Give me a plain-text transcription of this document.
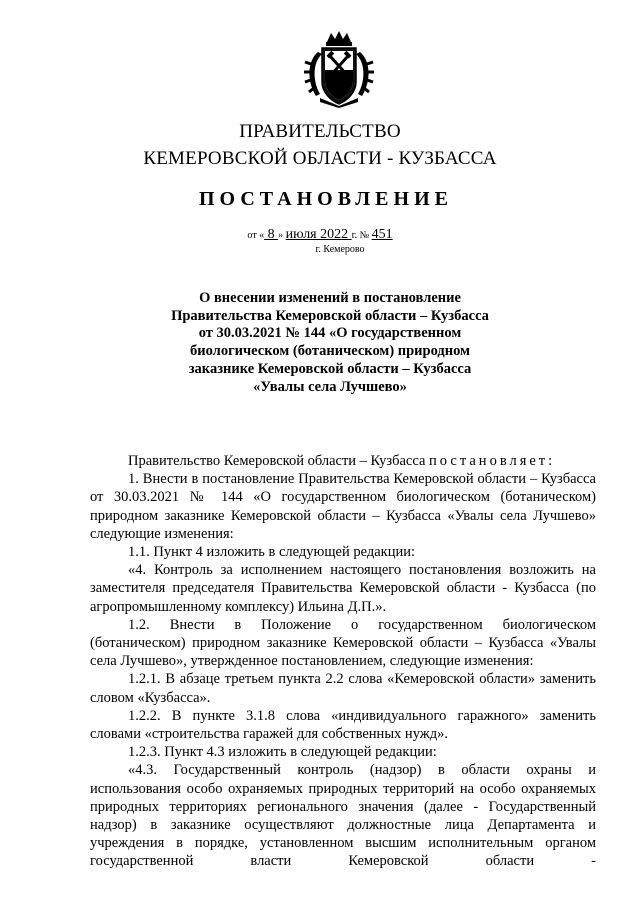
ПРАВИТЕЛЬСТВО
КЕМЕРОВСКОЙ ОБЛАСТИ - КУЗБАССА
ПОСТАНОВЛЕНИЕ
от « 8 » июля 2022 г. № 451
г. Кемерово
О внесении изменений в постановление
Правительства Кемеровской области – Кузбасса
от 30.03.2021 № 144 «О государственном
биологическом (ботаническом) природном
заказнике Кемеровской области – Кузбасса
«Увалы села Лучшево»

Правительство Кемеровской области – Кузбасса постановляет:

1. Внести в постановление Правительства Кемеровской области – Кузбасса от 30.03.2021 № 144 «О государственном биологическом (ботаническом) природном заказнике Кемеровской области – Кузбасса «Увалы села Лучшево» следующие изменения:

1.1. Пункт 4 изложить в следующей редакции:

«4. Контроль за исполнением настоящего постановления возложить на заместителя председателя Правительства Кемеровской области - Кузбасса (по агропромышленному комплексу) Ильина Д.П.».

1.2. Внести в Положение о государственном биологическом (ботаническом) природном заказнике Кемеровской области – Кузбасса «Увалы села Лучшево», утвержденное постановлением, следующие изменения:

1.2.1. В абзаце третьем пункта 2.2 слова «Кемеровской области» заменить словом «Кузбасса».

1.2.2. В пункте 3.1.8 слова «индивидуального гаражного» заменить словами «строительства гаражей для собственных нужд».

1.2.3. Пункт 4.3 изложить в следующей редакции:

«4.3. Государственный контроль (надзор) в области охраны и использования особо охраняемых природных территорий на особо охраняемых природных территориях регионального значения (далее - Государственный надзор) в заказнике осуществляют должностные лица Департамента и учреждения в порядке, установленном высшим исполнительным органом государственной власти Кемеровской области -
